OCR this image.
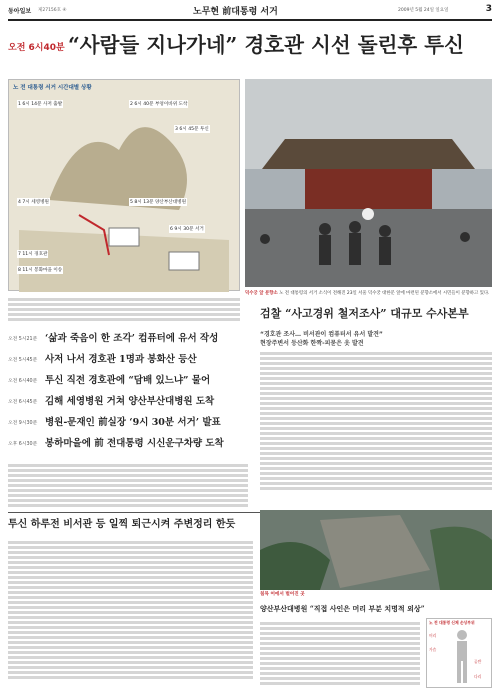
동아일보 제27156호 ④	노무현 前대통령 서거	2009년 5월 24일 일요일	3
오전 6시40분 “사람들 지나가네” 경호관 시선 돌린후 투신
노 전 대통령 서거 시간대별 상황
1 6시 14분 사저 출발	2 6시 40분 부엉이바위 도착
3 6시 45분 투신
4 7시 세영병원	5 8시 13분 양산부산대병원
6 9시 30분 서거
7 11시 경호관
8 11시 봉화마을 이송
덕수궁 앞 분향소 노 전 대통령의 서거 소식이 전해진 23일 서울 덕수궁 대한문 앞에 마련된 분향소에서 시민들이 분향하고 있다.
오전 5시21분 ‘삶과 죽음이 한 조각’ 컴퓨터에 유서 작성
오전 5시45분 사저 나서 경호관 1명과 봉화산 등산
오전 6시40분 투신 직전 경호관에 “담배 있느냐” 물어
오전 6시45분 김해 세영병원 거쳐 양산부산대병원 도착
오전 9시30분 병원-문재인 前실장 ‘9시 30분 서거’ 발표
오후 6시30분 봉하마을에 前 전대통령 시신운구차량 도착
검찰 “사고경위 철저조사” 대규모 수사본부
“경호관 조사… 비서관이 컴퓨터서 유서 발견”
현장주변서 등산화 한짝-피묻은 옷 발견
투신 하루전 비서관 등 일찍 퇴근시켜 주변정리 한듯
침묵 어에서 벌어진 곳
양산부산대병원 “직접 사인은 머리 부분 치명적 외상”
노 전 대통령 신체 손상부위
머리
가슴
골반
다리
